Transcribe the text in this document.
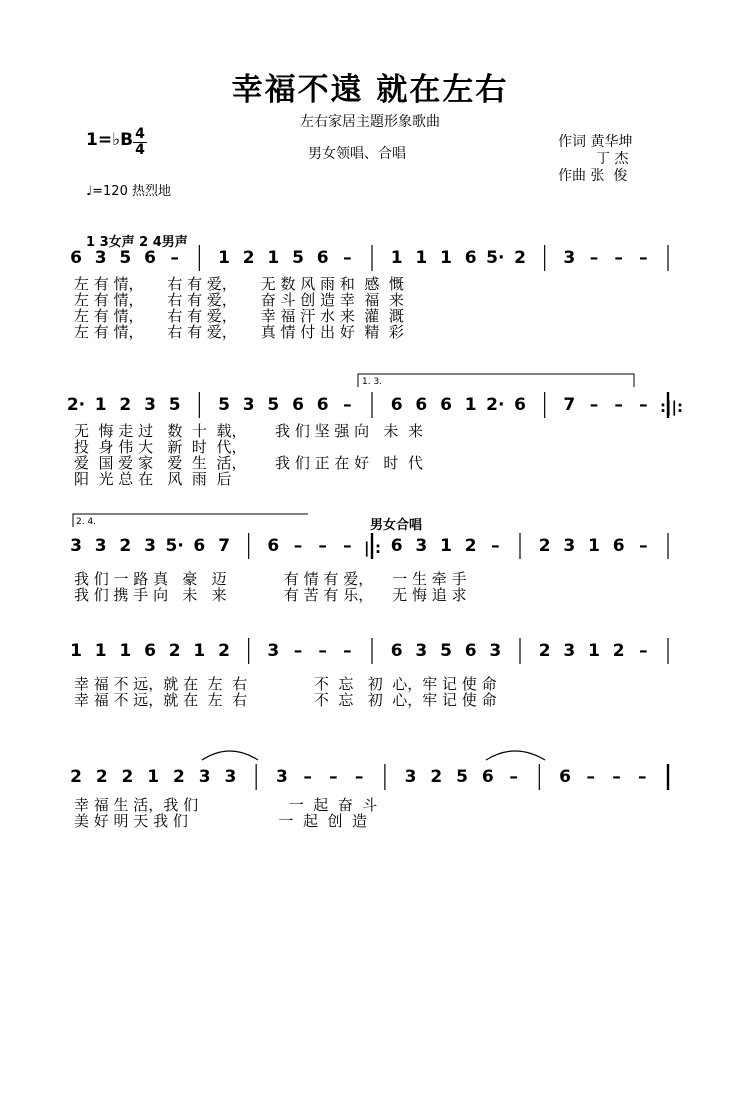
幸福不遠 就在左右
左右家居主題形象歌曲
男女领唱、合唱
1=♭B 4
4
♩=120 热烈地
作词 黄华坤
丁 杰
作曲 张  俊
1 3女声 2 4男声
男女合唱
6 3 5 6 – 1 2 1 5 6 – 1 1 1 6 5· 2 3 – – –
2· 1 2 3 5 5 3 5 6 6 – 6 6 6 1 2· 6 7 – – – :||:
3 3 2 3 5· 6 7 6 – – – ||: 6 3 1 2 – 2 3 1 6 –
1 1 1 6 2 1 2 3 – – – 6 3 5 6 3 2 3 1 2 –
2 2 2 1 2 3 3 3 – – – 3 2 5 6 – 6 – – –
1. 3.
2. 4.
左 有 情，     右 有 爱，     无 数 风 雨 和  感  慨
左 有 情，     右 有 爱，     奋 斗 创 造 幸  福  来
左 有 情，     右 有 爱，     幸 福 汗 水 来  灌  溉
左 有 情，     右 有 爱，     真 情 付 出 好  精  彩
无  悔 走 过   数  十  载，      我 们 坚 强 向   未  来
投  身 伟 大   新  时  代，
爱  国 爱 家   爱  生  活，      我 们 正 在 好   时  代
阳  光 总 在   风  雨  后
我 们 一 路 真   豪   迈            有 情 有 爱，    一 生 牵 手
我 们 携 手 向   未   来            有 苦 有 乐，    无 悔 追 求
幸 福 不 远，就 在  左  右              不  忘   初  心，牢 记 使 命
幸 福 不 远，就 在  左  右              不  忘   初  心，牢 记 使 命
幸 福 生 活，我 们                   一  起  奋  斗
美 好 明 天 我 们                   一  起  创  造
